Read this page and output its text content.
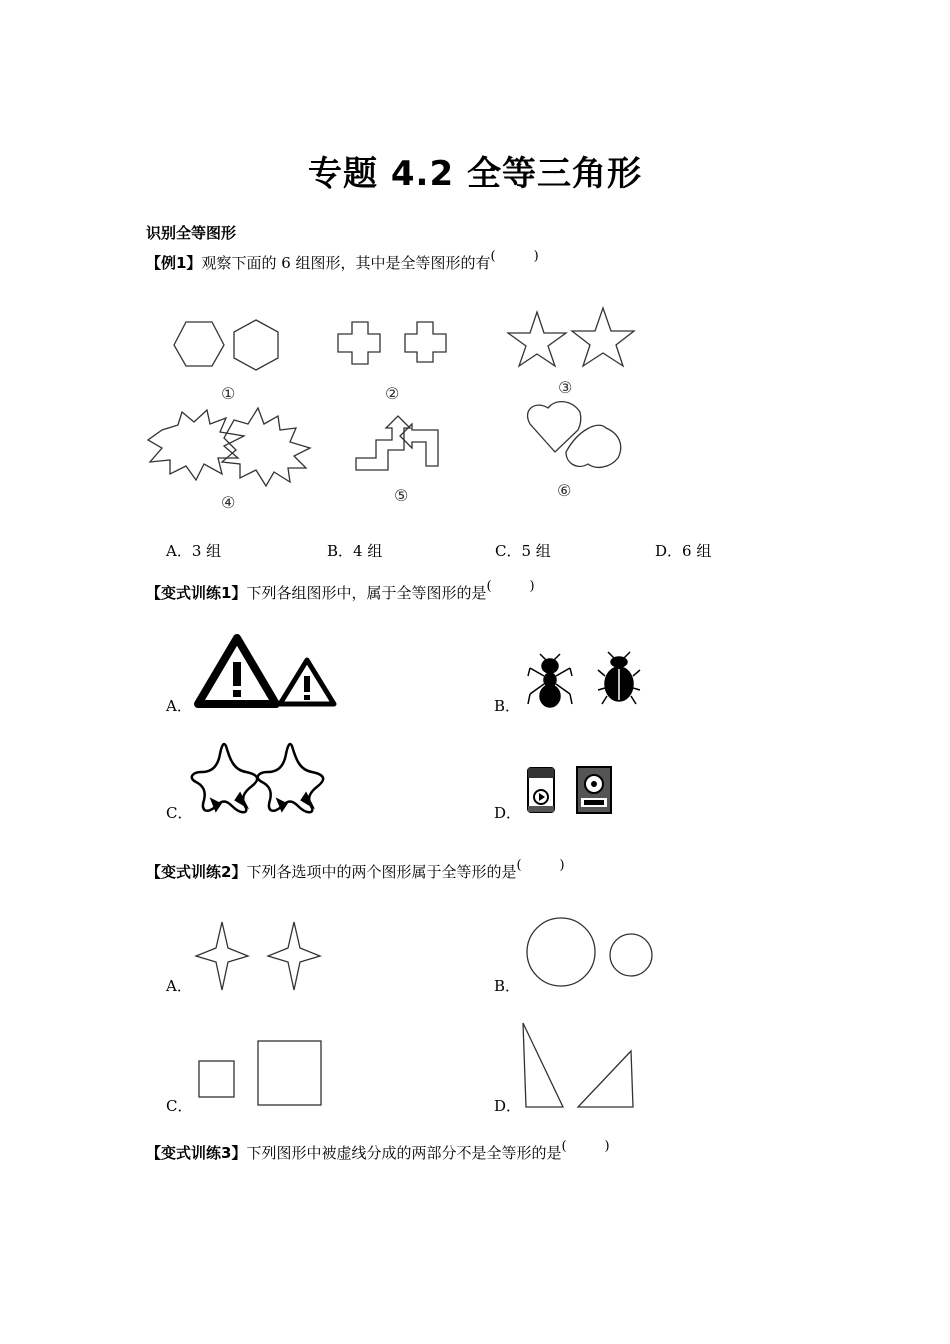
专题 4.2 全等三角形
识别全等图形
【例1】观察下面的 6 组图形，其中是全等图形的有(	)
①	②	③
④	⑤	⑥
A．3 组	B．4 组	C．5 组	D．6 组
【变式训练1】下列各组图形中，属于全等图形的是(	)
A．	B．
C．	D．
【变式训练2】下列各选项中的两个图形属于全等形的是(	)
A．	B．
C．	D．
【变式训练3】下列图形中被虚线分成的两部分不是全等形的是(	)
